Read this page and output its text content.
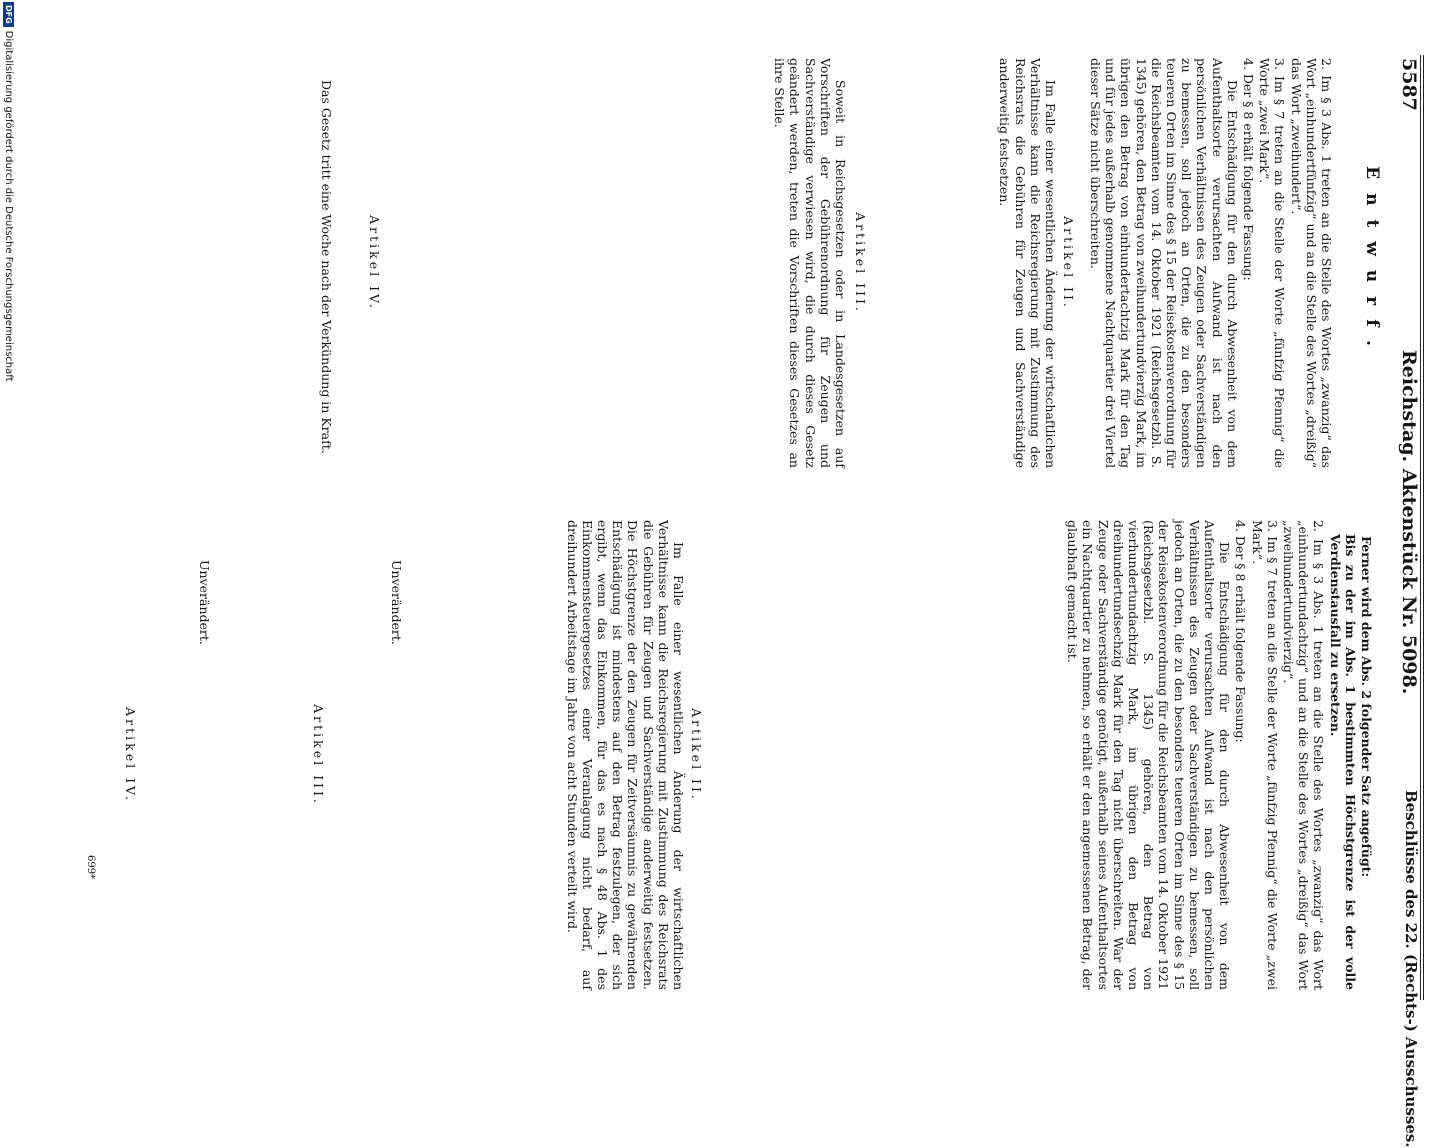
5587
Reichstag. Aktenstück Nr. 5098.
Beschlüsse des 22. (Rechts-) Ausschusses.
Entwurf.

2. Im § 3 Abs. 1 treten an die Stelle des Wortes „zwanzig“ das Wort „einhundertfünfzig“ und an die Stelle des Wortes „dreißig“ das Wort „zweihundert“.

3. Im § 7 treten an die Stelle der Worte „fünfzig Pfennig“ die Worte „zwei Mark“.

4. Der § 8 erhält folgende Fassung:

Die Entschädigung für den durch Abwesenheit von dem Aufenthaltsorte verursachten Aufwand ist nach den persönlichen Verhältnissen des Zeugen oder Sachverständigen zu bemessen, soll jedoch an Orten, die zu den besonders teueren Orten im Sinne des § 15 der Reisekostenverordnung für die Reichsbeamten vom 14. Oktober 1921 (Reichsgesetzbl. S. 1345) gehören, den Betrag von zweihundertundvierzig Mark, im übrigen den Betrag von einhundertachtzig Mark für den Tag und für jedes außerhalb genommene Nachtquartier drei Viertel dieser Sätze nicht überschreiten.

Artikel II.
Im Falle einer wesentlichen Änderung der wirtschaftlichen Verhältnisse kann die Reichsregierung mit Zustimmung des Reichsrats die Gebühren für Zeugen und Sachverständige anderweitig festsetzen.
Artikel III.
Soweit in Reichsgesetzen oder in Landesgesetzen auf Vorschriften der Gebührenordnung für Zeugen und Sachverständige verwiesen wird, die durch dieses Gesetz geändert werden, treten die Vorschriften dieses Gesetzes an ihre Stelle.
Artikel IV.
Das Gesetz tritt eine Woche nach der Verkündung in Kraft.

Ferner wird dem Abs. 2 folgender Satz angefügt:

Bis zu der im Abs. 1 bestimmten Höchstgrenze ist der volle Verdienstausfall zu ersetzen.

2. Im § 3 Abs. 1 treten an die Stelle des Wortes „zwanzig“ das Wort „einhundertundachtzig“ und an die Stelle des Wortes „dreißig“ das Wort „zweihundertundvierzig“.

3. Im § 7 treten an die Stelle der Worte „fünfzig Pfennig“ die Worte „zwei Mark“.

4. Der § 8 erhält folgende Fassung:

Die Entschädigung für den durch Abwesenheit von dem Aufenthaltsorte verursachten Aufwand ist nach den persönlichen Verhältnissen des Zeugen oder Sachverständigen zu bemessen, soll jedoch an Orten, die zu den besonders teueren Orten im Sinne des § 15 der Reisekostenverordnung für die Reichsbeamten vom 14. Oktober 1921 (Reichsgesetzbl. S. 1345) gehören, den Betrag von vierhundertundachtzig Mark, im übrigen den Betrag von dreihundertundsechzig Mark für den Tag nicht überschreiten. War der Zeuge oder Sachverständige genötigt, außerhalb seines Aufenthaltsortes ein Nachtquartier zu nehmen, so erhält er den angemessenen Betrag, der glaubhaft gemacht ist.

Artikel II.
Im Falle einer wesentlichen Änderung der wirtschaftlichen Verhältnisse kann die Reichsregierung mit Zustimmung des Reichsrats die Gebühren für Zeugen und Sachverständige anderweitig festsetzen. Die Höchstgrenze der den Zeugen für Zeitversäumnis zu gewährenden Entschädigung ist mindestens auf den Betrag festzulegen, der sich ergibt, wenn das Einkommen, für das es nach § 48 Abs. 1 des Einkommensteuergesetzes einer Veranlagung nicht bedarf, auf dreihundert Arbeitstage im Jahre von acht Stunden verteilt wird.
Artikel III.
Unverändert.
Artikel IV.
Unverändert.
699*
DFGDigitalisierung gefördert durch die Deutsche Forschungsgemeinschaft
